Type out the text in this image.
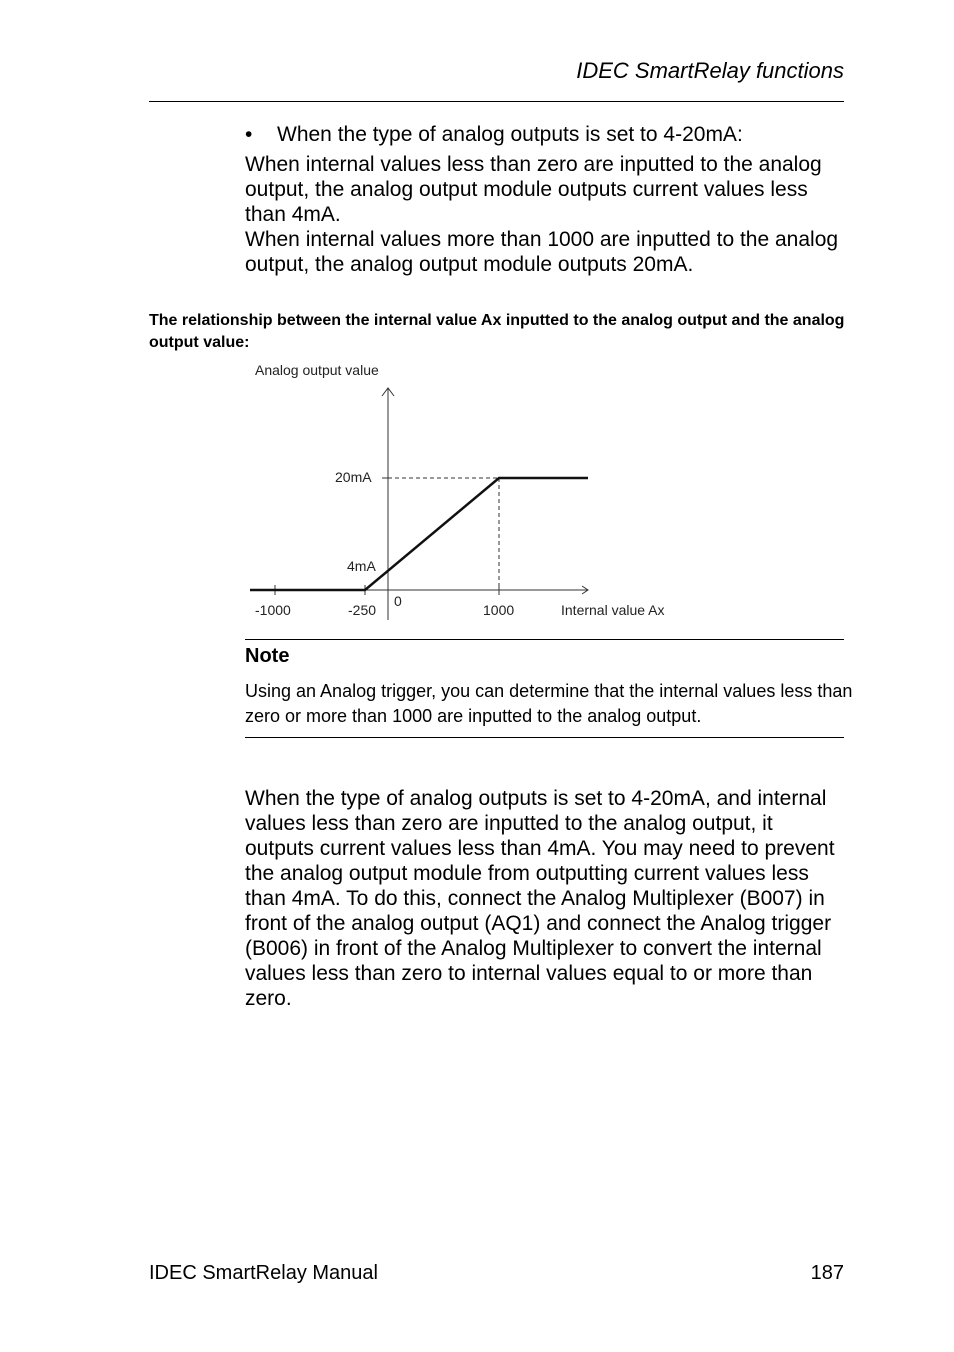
IDEC SmartRelay functions
• When the type of analog outputs is set to 4-20mA:
When internal values less than zero are inputted to the analog output, the analog output module outputs current values less than 4mA.
When internal values more than 1000 are inputted to the analog output, the analog output module outputs 20mA.
The relationship between the internal value Ax inputted to the analog output and the analog output value:
Analog output value
Internal value Ax
-1000	-250
0
1000
4mA
20mA
Note
Using an Analog trigger, you can determine that the internal values less than zero or more than 1000 are inputted to the analog output.
When the type of analog outputs is set to 4-20mA, and internal values less than zero are inputted to the analog output, it outputs current values less than 4mA. You may need to prevent the analog output module from outputting current values less than 4mA. To do this, connect the Analog Multiplexer (B007) in front of the analog output (AQ1) and connect the Analog trigger (B006) in front of the Analog Multiplexer to convert the internal values less than zero to internal values equal to or more than zero.
IDEC SmartRelay Manual	187
